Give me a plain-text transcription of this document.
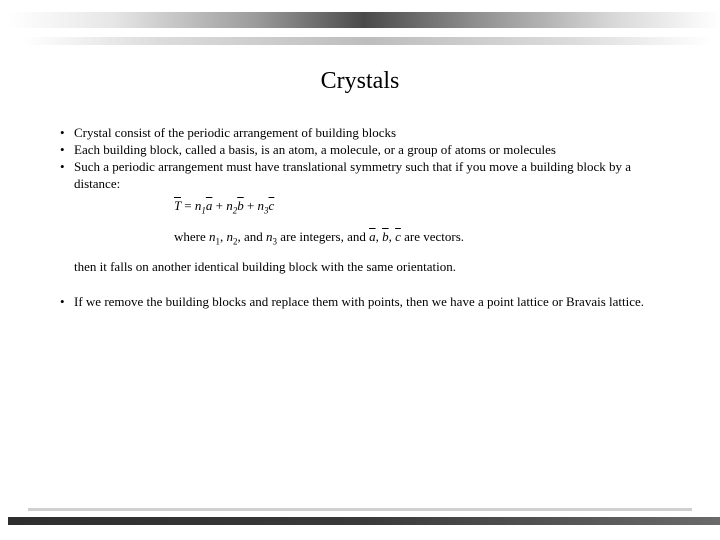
Crystals
• Crystal consist of the periodic arrangement of building blocks
• Each building block, called a basis, is an atom, a molecule, or a group of atoms or molecules
• Such a periodic arrangement must have translational symmetry such that if you move a building block by a distance:
$\overline{T} = n_1\overline{a} + n_2\overline{b} + n_3\overline{c}$
where $n_1$, $n_2$, and $n_3$ are integers, and $\overline{a}$, $\overline{b}$, $\overline{c}$ are vectors.
then it falls on another identical building block with the same orientation.
• If we remove the building blocks and replace them with points, then we have a point lattice or Bravais lattice.
